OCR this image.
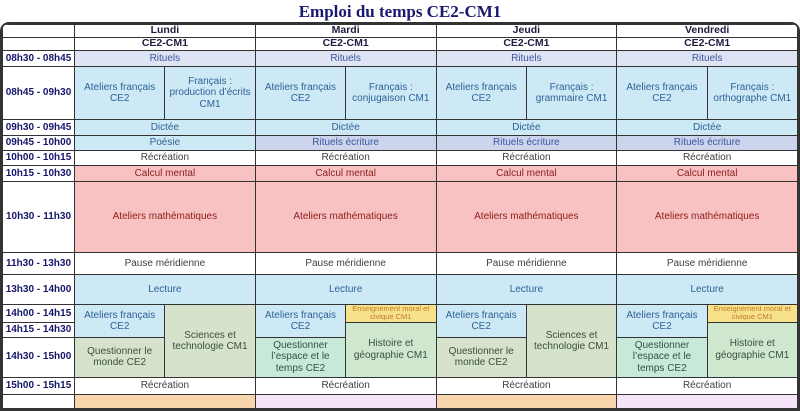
Emploi du temps CE2-CM1
	Lundi		Mardi		Jeudi		Vendredi	
	CE2-CM1		CE2-CM1		CE2-CM1		CE2-CM1	
08h30 - 08h45	Rituels		Rituels		Rituels		Rituels	
08h45 - 09h30	Ateliers français CE2	Français : production d’écrits CM1	Ateliers français CE2	Français : conjugaison CM1	Ateliers français CE2	Français : grammaire CM1	Ateliers français CE2	Français : orthographe CM1
09h30 - 09h45	Dictée		Dictée		Dictée		Dictée	
09h45 - 10h00	Poésie		Rituels écriture		Rituels écriture		Rituels écriture	
10h00 - 10h15	Récréation		Récréation		Récréation		Récréation	
10h15 - 10h30	Calcul mental		Calcul mental		Calcul mental		Calcul mental	
10h30 - 11h30	Ateliers mathématiques		Ateliers mathématiques		Ateliers mathématiques		Ateliers mathématiques	
11h30 - 13h30	Pause méridienne		Pause méridienne		Pause méridienne		Pause méridienne	
13h30 - 14h00	Lecture		Lecture		Lecture		Lecture	
14h00 - 14h15	Ateliers français CE2	Sciences et technologie CM1	Ateliers français CE2	Enseignement moral et civique CM1	Ateliers français CE2	Sciences et technologie CM1	Ateliers français CE2	Enseignement moral et civique CM1
14h15 - 14h30				Histoire et géographie CM1				Histoire et géographie CM1
14h30 - 15h00	Questionner le monde CE2		Questionner l’espace et le temps CE2		Questionner le monde CE2		Questionner l’espace et le temps CE2	
15h00 - 15h15	Récréation		Récréation		Récréation		Récréation	
